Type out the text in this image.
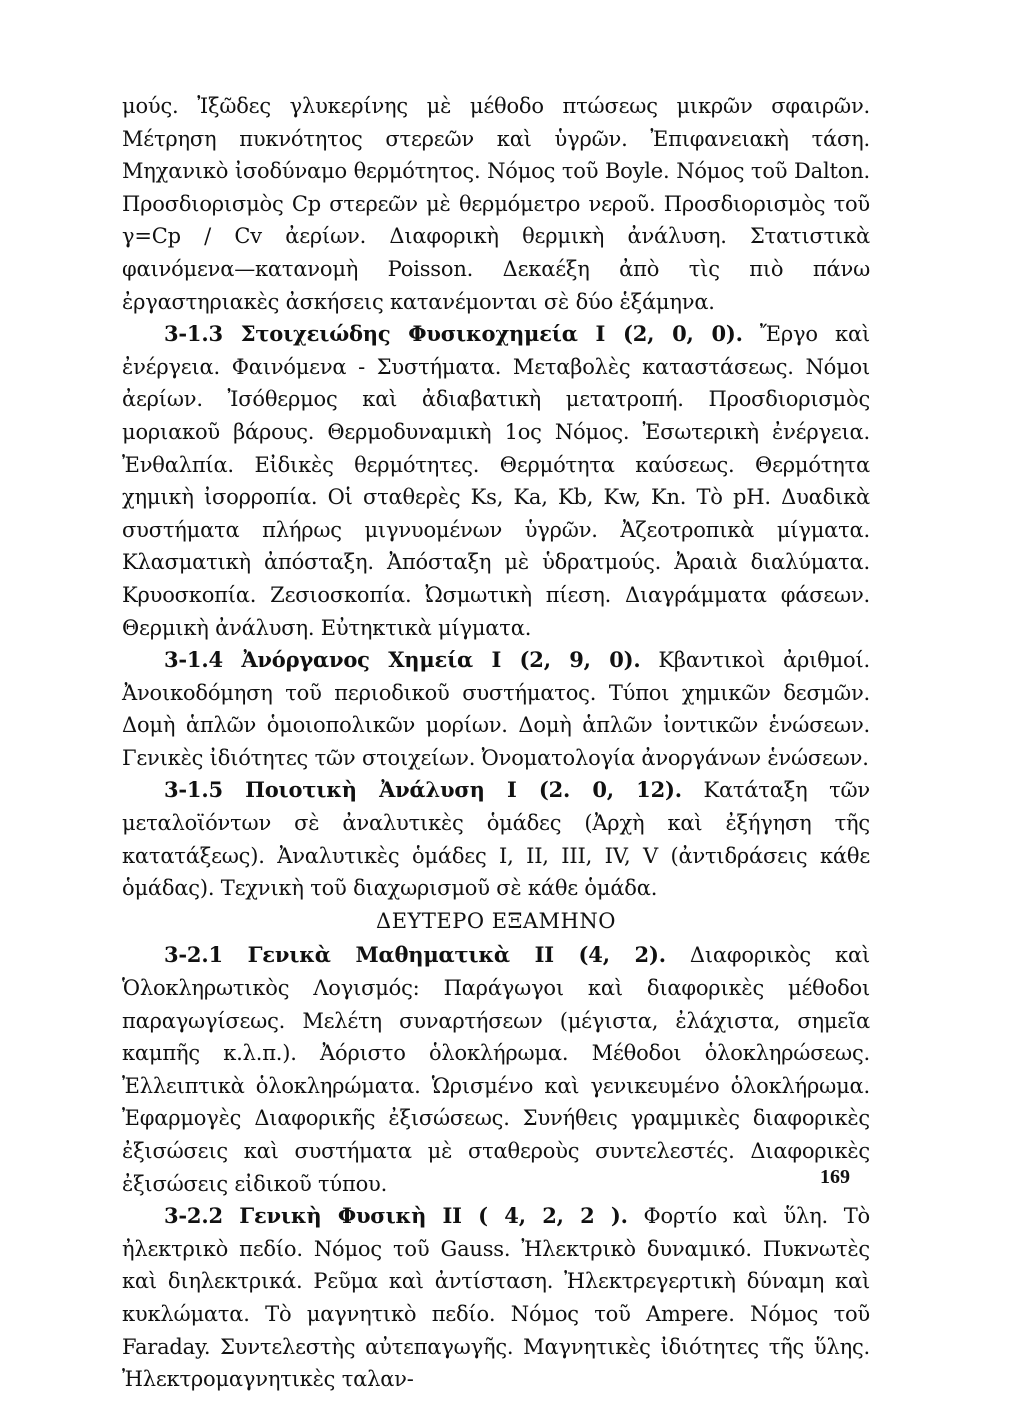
μούς. Ἰξῶδες γλυκερίνης μὲ μέθοδο πτώσεως μικρῶν σφαιρῶν. Μέτρηση πυκνότητος στερεῶν καὶ ὑγρῶν. Ἐπιφανειακὴ τάση. Μηχανικὸ ἰσοδύναμο θερμότητος. Νόμος τοῦ Boyle. Νόμος τοῦ Dalton. Προσδιορισμὸς Cp στερεῶν μὲ θερμόμετρο νεροῦ. Προσδιορισμὸς τοῦ γ=Cp / Cv ἀερίων. Διαφορικὴ θερμικὴ ἀνάλυση. Στατιστικὰ φαινόμενα—κατανομὴ Poisson. Δεκαέξη ἀπὸ τὶς πιὸ πάνω ἐργαστηριακὲς ἀσκήσεις κατανέμονται σὲ δύο ἑξάμηνα.

3-1.3 Στοιχειώδης Φυσικοχημεία Ι (2, 0, 0). Ἔργο καὶ ἐνέργεια. Φαινόμενα - Συστήματα. Μεταβολὲς καταστάσεως. Νόμοι ἀερίων. Ἰσόθερμος καὶ ἀδιαβατικὴ μετατροπή. Προσδιορισμὸς μοριακοῦ βάρους. Θερμοδυναμικὴ 1ος Νόμος. Ἐσωτερικὴ ἐνέργεια. Ἐνθαλπία. Εἰδικὲς θερμότητες. Θερμότητα καύσεως. Θερμότητα χημικὴ ἰσορροπία. Οἱ σταθερὲς Ks, Ka, Kb, Kw, Kn. Τὸ pH. Δυαδικὰ συστήματα πλήρως μιγνυομένων ὑγρῶν. Ἀζεοτροπικὰ μίγματα. Κλασματικὴ ἀπόσταξη. Ἀπόσταξη μὲ ὑδρατμούς. Ἀραιὰ διαλύματα. Κρυοσκοπία. Ζεσιοσκοπία. Ὠσμωτικὴ πίεση. Διαγράμματα φάσεων. Θερμικὴ ἀνάλυση. Εὐτηκτικὰ μίγματα.

3-1.4 Ἀνόργανος Χημεία Ι (2, 9, 0). Κβαντικοὶ ἀριθμοί. Ἀνοικοδόμηση τοῦ περιοδικοῦ συστήματος. Τύποι χημικῶν δεσμῶν. Δομὴ ἁπλῶν ὁμοιοπολικῶν μορίων. Δομὴ ἁπλῶν ἰοντικῶν ἑνώσεων. Γενικὲς ἰδιότητες τῶν στοιχείων. Ὀνοματολογία ἀνοργάνων ἑνώσεων.

3-1.5 Ποιοτικὴ Ἀνάλυση Ι (2. 0, 12). Κατάταξη τῶν μεταλοϊόντων σὲ ἀναλυτικὲς ὁμάδες (Ἀρχὴ καὶ ἐξήγηση τῆς κατατάξεως). Ἀναλυτικὲς ὁμάδες Ι, ΙΙ, ΙΙΙ, ΙV, V (ἀντιδράσεις κάθε ὁμάδας). Τεχνικὴ τοῦ διαχωρισμοῦ σὲ κάθε ὁμάδα.

ΔΕΥΤΕΡΟ ΕΞΑΜΗΝΟ

3-2.1 Γενικὰ Μαθηματικὰ ΙΙ (4, 2). Διαφορικὸς καὶ Ὁλοκληρωτικὸς Λογισμός: Παράγωγοι καὶ διαφορικὲς μέθοδοι παραγωγίσεως. Μελέτη συναρτήσεων (μέγιστα, ἐλάχιστα, σημεῖα καμπῆς κ.λ.π.). Ἀόριστο ὁλοκλήρωμα. Μέθοδοι ὁλοκληρώσεως. Ἐλλειπτικὰ ὁλοκληρώματα. Ὡρισμένο καὶ γενικευμένο ὁλοκλήρωμα. Ἐφαρμογὲς Διαφορικῆς ἐξισώσεως. Συνήθεις γραμμικὲς διαφορικὲς ἐξισώσεις καὶ συστήματα μὲ σταθεροὺς συντελεστές. Διαφορικὲς ἐξισώσεις εἰδικοῦ τύπου.

3-2.2 Γενικὴ Φυσικὴ ΙΙ ( 4, 2, 2 ). Φορτίο καὶ ὕλη. Τὸ ἠλεκτρικὸ πεδίο. Νόμος τοῦ Gauss. Ἠλεκτρικὸ δυναμικό. Πυκνωτὲς καὶ διηλεκτρικά. Ρεῦμα καὶ ἀντίσταση. Ἠλεκτρεγερτικὴ δύναμη καὶ κυκλώματα. Τὸ μαγνητικὸ πεδίο. Νόμος τοῦ Ampere. Νόμος τοῦ Faraday. Συντελεστὴς αὐτεπαγωγῆς. Μαγνητικὲς ἰδιότητες τῆς ὕλης. Ἠλεκτρομαγνητικὲς ταλαν-

169
